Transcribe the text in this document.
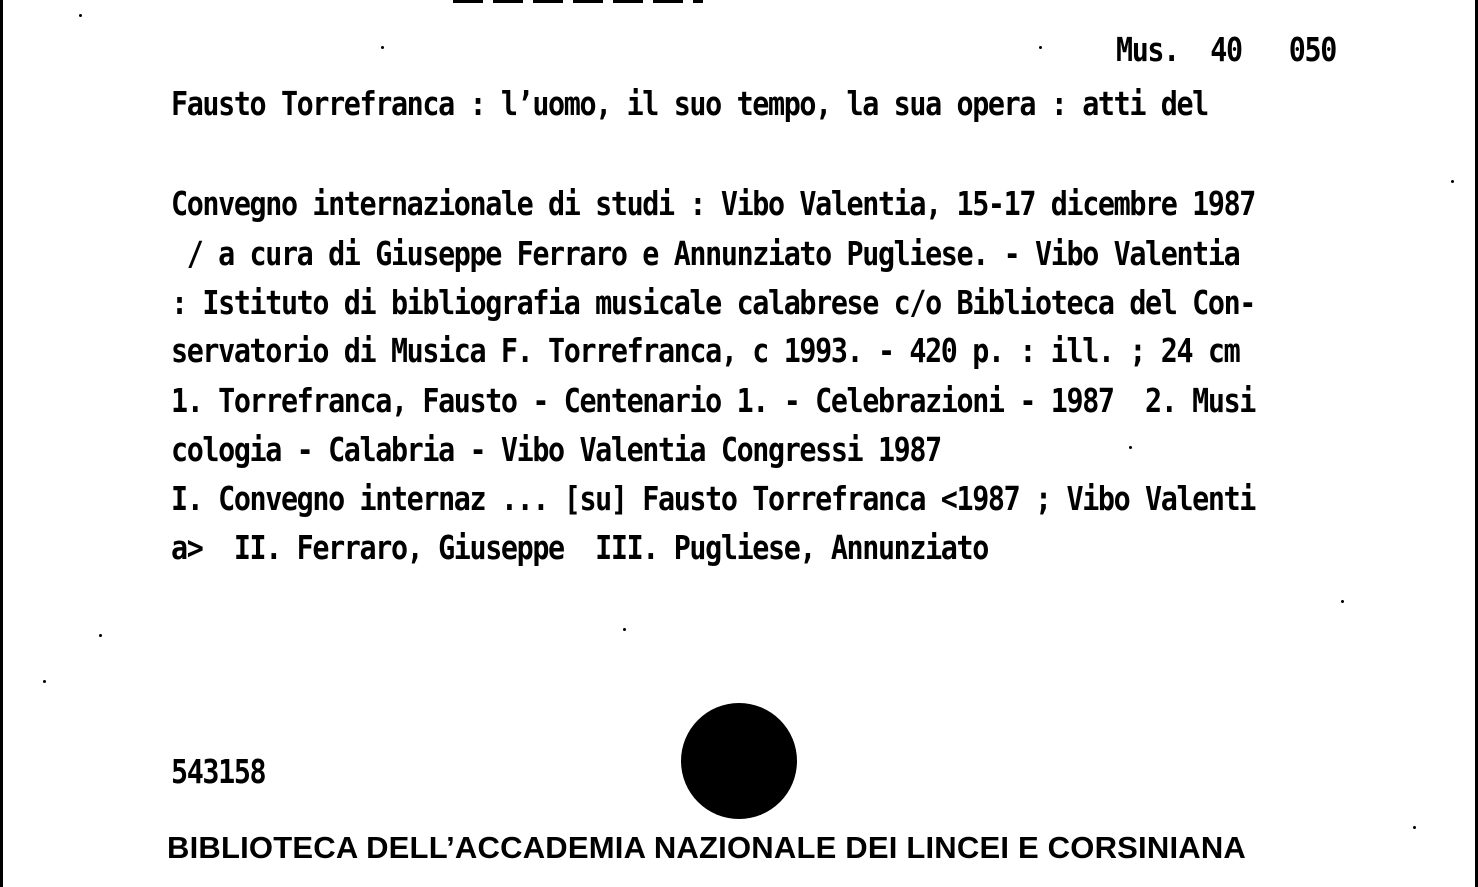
Mus.  40   050
Fausto Torrefranca : l’uomo, il suo tempo, la sua opera : atti del
Convegno internazionale di studi : Vibo Valentia, 15-17 dicembre 1987
/ a cura di Giuseppe Ferraro e Annunziato Pugliese. - Vibo Valentia
: Istituto di bibliografia musicale calabrese c/o Biblioteca del Con-
servatorio di Musica F. Torrefranca, c 1993. - 420 p. : ill. ; 24 cm
1. Torrefranca, Fausto - Centenario 1. - Celebrazioni - 1987  2. Musi
cologia - Calabria - Vibo Valentia Congressi 1987
I. Convegno internaz ... [su] Fausto Torrefranca <1987 ; Vibo Valenti
a>  II. Ferraro, Giuseppe  III. Pugliese, Annunziato
543158
BIBLIOTECA DELL’ACCADEMIA NAZIONALE DEI LINCEI E CORSINIANA
